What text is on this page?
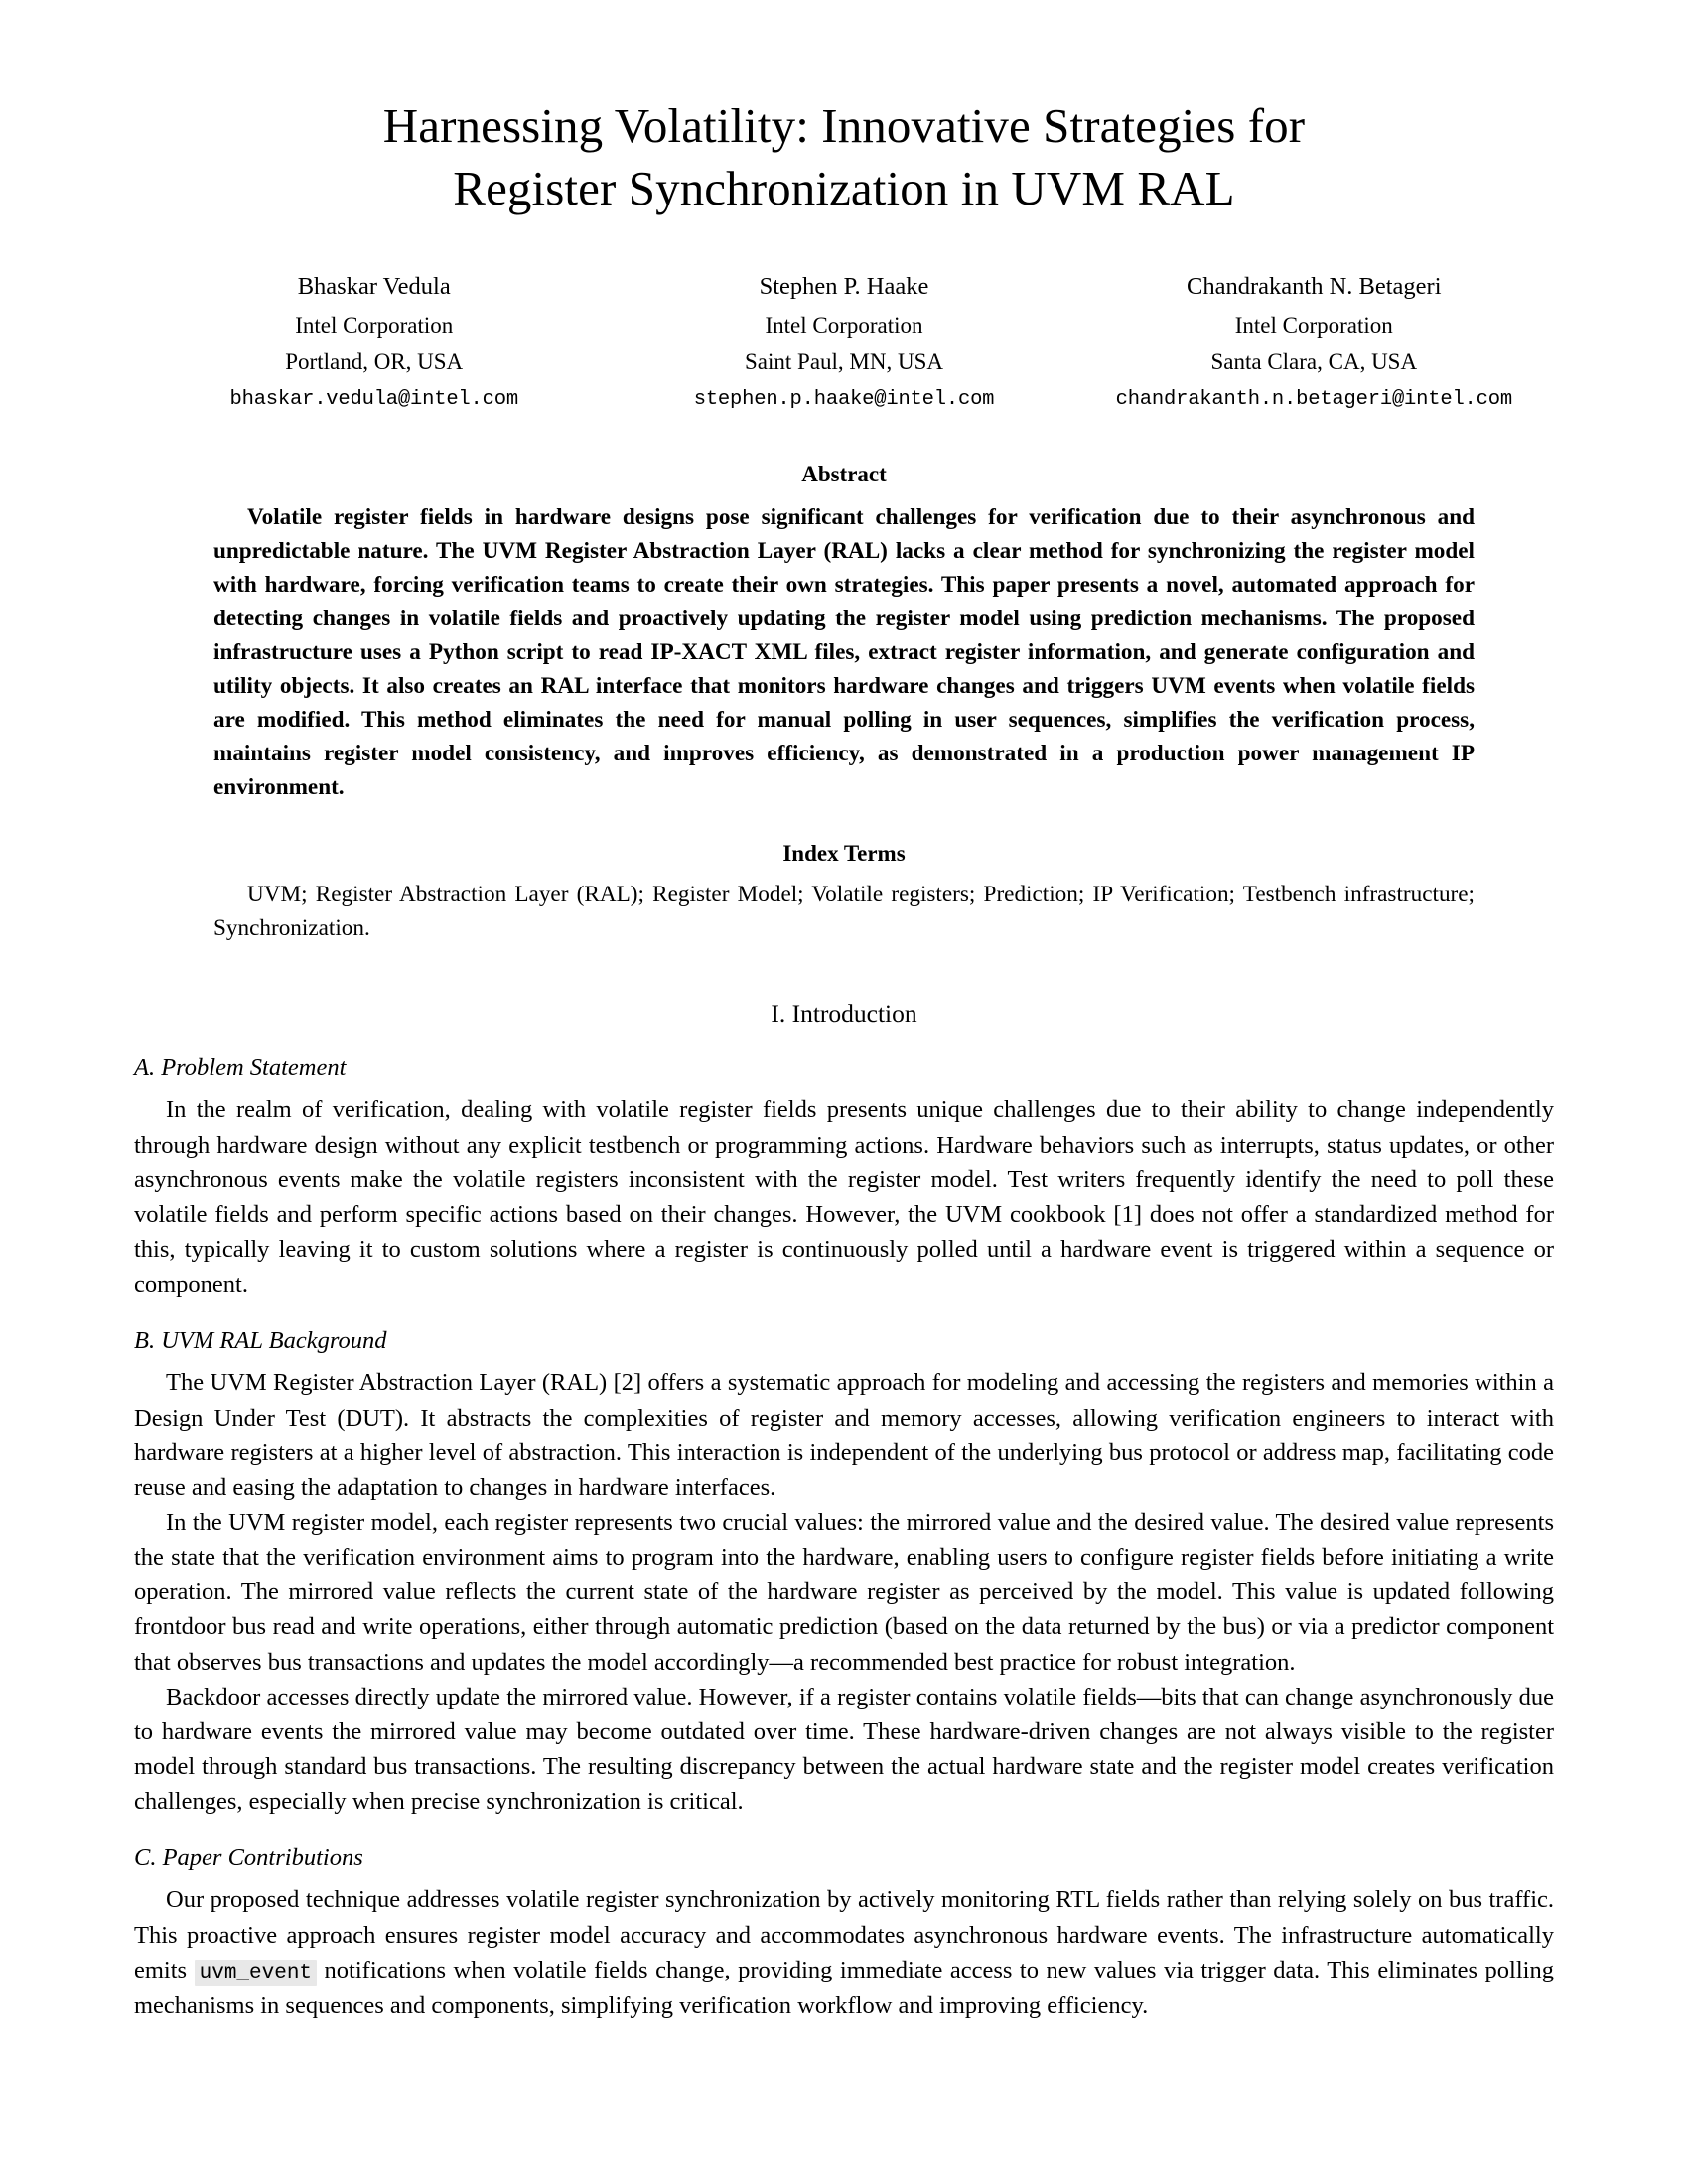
Harnessing Volatility: Innovative Strategies for
Register Synchronization in UVM RAL
Bhaskar Vedula
Intel Corporation
Portland, OR, USA
bhaskar.vedula@intel.com
Stephen P. Haake
Intel Corporation
Saint Paul, MN, USA
stephen.p.haake@intel.com
Chandrakanth N. Betageri
Intel Corporation
Santa Clara, CA, USA
chandrakanth.n.betageri@intel.com
Abstract

Volatile register fields in hardware designs pose significant challenges for verification due to their asynchronous and unpredictable nature. The UVM Register Abstraction Layer (RAL) lacks a clear method for synchronizing the register model with hardware, forcing verification teams to create their own strategies. This paper presents a novel, automated approach for detecting changes in volatile fields and proactively updating the register model using prediction mechanisms. The proposed infrastructure uses a Python script to read IP-XACT XML files, extract register information, and generate configuration and utility objects. It also creates an RAL interface that monitors hardware changes and triggers UVM events when volatile fields are modified. This method eliminates the need for manual polling in user sequences, simplifies the verification process, maintains register model consistency, and improves efficiency, as demonstrated in a production power management IP environment.

Index Terms

UVM; Register Abstraction Layer (RAL); Register Model; Volatile registers; Prediction; IP Verification; Testbench infrastructure; Synchronization.

I. Introduction
A. Problem Statement

In the realm of verification, dealing with volatile register fields presents unique challenges due to their ability to change independently through hardware design without any explicit testbench or programming actions. Hardware behaviors such as interrupts, status updates, or other asynchronous events make the volatile registers inconsistent with the register model. Test writers frequently identify the need to poll these volatile fields and perform specific actions based on their changes. However, the UVM cookbook [1] does not offer a standardized method for this, typically leaving it to custom solutions where a register is continuously polled until a hardware event is triggered within a sequence or component.

B. UVM RAL Background

The UVM Register Abstraction Layer (RAL) [2] offers a systematic approach for modeling and accessing the registers and memories within a Design Under Test (DUT). It abstracts the complexities of register and memory accesses, allowing verification engineers to interact with hardware registers at a higher level of abstraction. This interaction is independent of the underlying bus protocol or address map, facilitating code reuse and easing the adaptation to changes in hardware interfaces.

In the UVM register model, each register represents two crucial values: the mirrored value and the desired value. The desired value represents the state that the verification environment aims to program into the hardware, enabling users to configure register fields before initiating a write operation. The mirrored value reflects the current state of the hardware register as perceived by the model. This value is updated following frontdoor bus read and write operations, either through automatic prediction (based on the data returned by the bus) or via a predictor component that observes bus transactions and updates the model accordingly—a recommended best practice for robust integration.

Backdoor accesses directly update the mirrored value. However, if a register contains volatile fields—bits that can change asynchronously due to hardware events the mirrored value may become outdated over time. These hardware-driven changes are not always visible to the register model through standard bus transactions. The resulting discrepancy between the actual hardware state and the register model creates verification challenges, especially when precise synchronization is critical.

C. Paper Contributions

Our proposed technique addresses volatile register synchronization by actively monitoring RTL fields rather than relying solely on bus traffic. This proactive approach ensures register model accuracy and accommodates asynchronous hardware events. The infrastructure automatically emits uvm_event notifications when volatile fields change, providing immediate access to new values via trigger data. This eliminates polling mechanisms in sequences and components, simplifying verification workflow and improving efficiency.
